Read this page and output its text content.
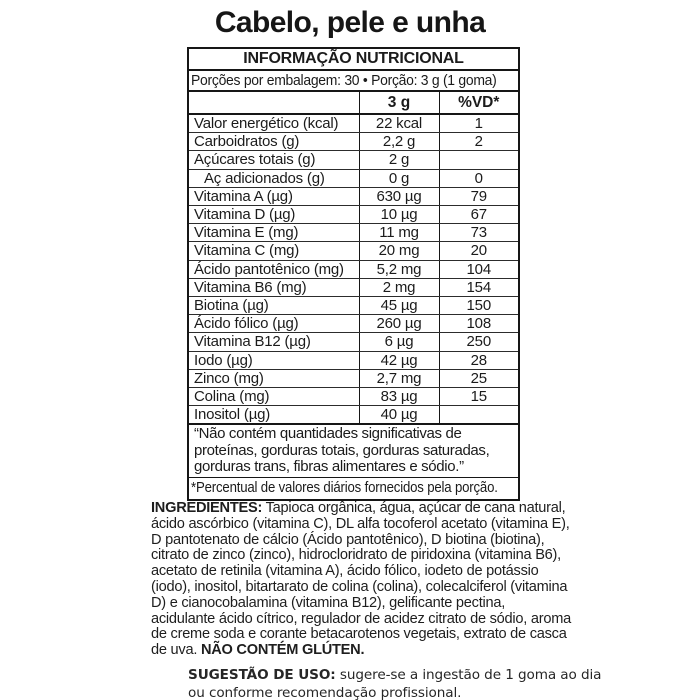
Cabelo, pele e unha
INFORMAÇÃO NUTRICIONAL		
Porções por embalagem: 30 • Porção: 3 g (1 goma)		
	3 g	%VD*
Valor energético (kcal)	22 kcal	1
Carboidratos (g)	2,2 g	2
Açúcares totais (g)	2 g	
Aç adicionados (g)	0 g	0
Vitamina A (µg)	630 µg	79
Vitamina D (µg)	10 µg	67
Vitamina E (mg)	11 mg	73
Vitamina C (mg)	20 mg	20
Ácido pantotênico (mg)	5,2 mg	104
Vitamina B6 (mg)	2 mg	154
Biotina (µg)	45 µg	150
Ácido fólico (µg)	260 µg	108
Vitamina B12 (µg)	6 µg	250
Iodo (µg)	42 µg	28
Zinco (mg)	2,7 mg	25
Colina (mg)	83 µg	15
Inositol (µg)	40 µg	
“Não contém quantidades significativas de proteínas, gorduras totais, gorduras saturadas, gorduras trans, fibras alimentares e sódio.”		
*Percentual de valores diários fornecidos pela porção.		

INGREDIENTES: Tapioca orgânica, água, açúcar de cana natural, ácido ascórbico (vitamina C), DL alfa tocoferol acetato (vitamina E), D pantotenato de cálcio (Ácido pantotênico), D biotina (biotina), citrato de zinco (zinco), hidrocloridrato de piridoxina (vitamina B6), acetato de retinila (vitamina A), ácido fólico, iodeto de potássio (iodo), inositol, bitartarato de colina (colina), colecalciferol (vitamina D) e cianocobalamina (vitamina B12), gelificante pectina, acidulante ácido cítrico, regulador de acidez citrato de sódio, aroma de creme soda e corante betacarotenos vegetais, extrato de casca de uva. NÃO CONTÉM GLÚTEN.

SUGESTÃO DE USO: sugere-se a ingestão de 1 goma ao dia ou conforme recomendação profissional.
